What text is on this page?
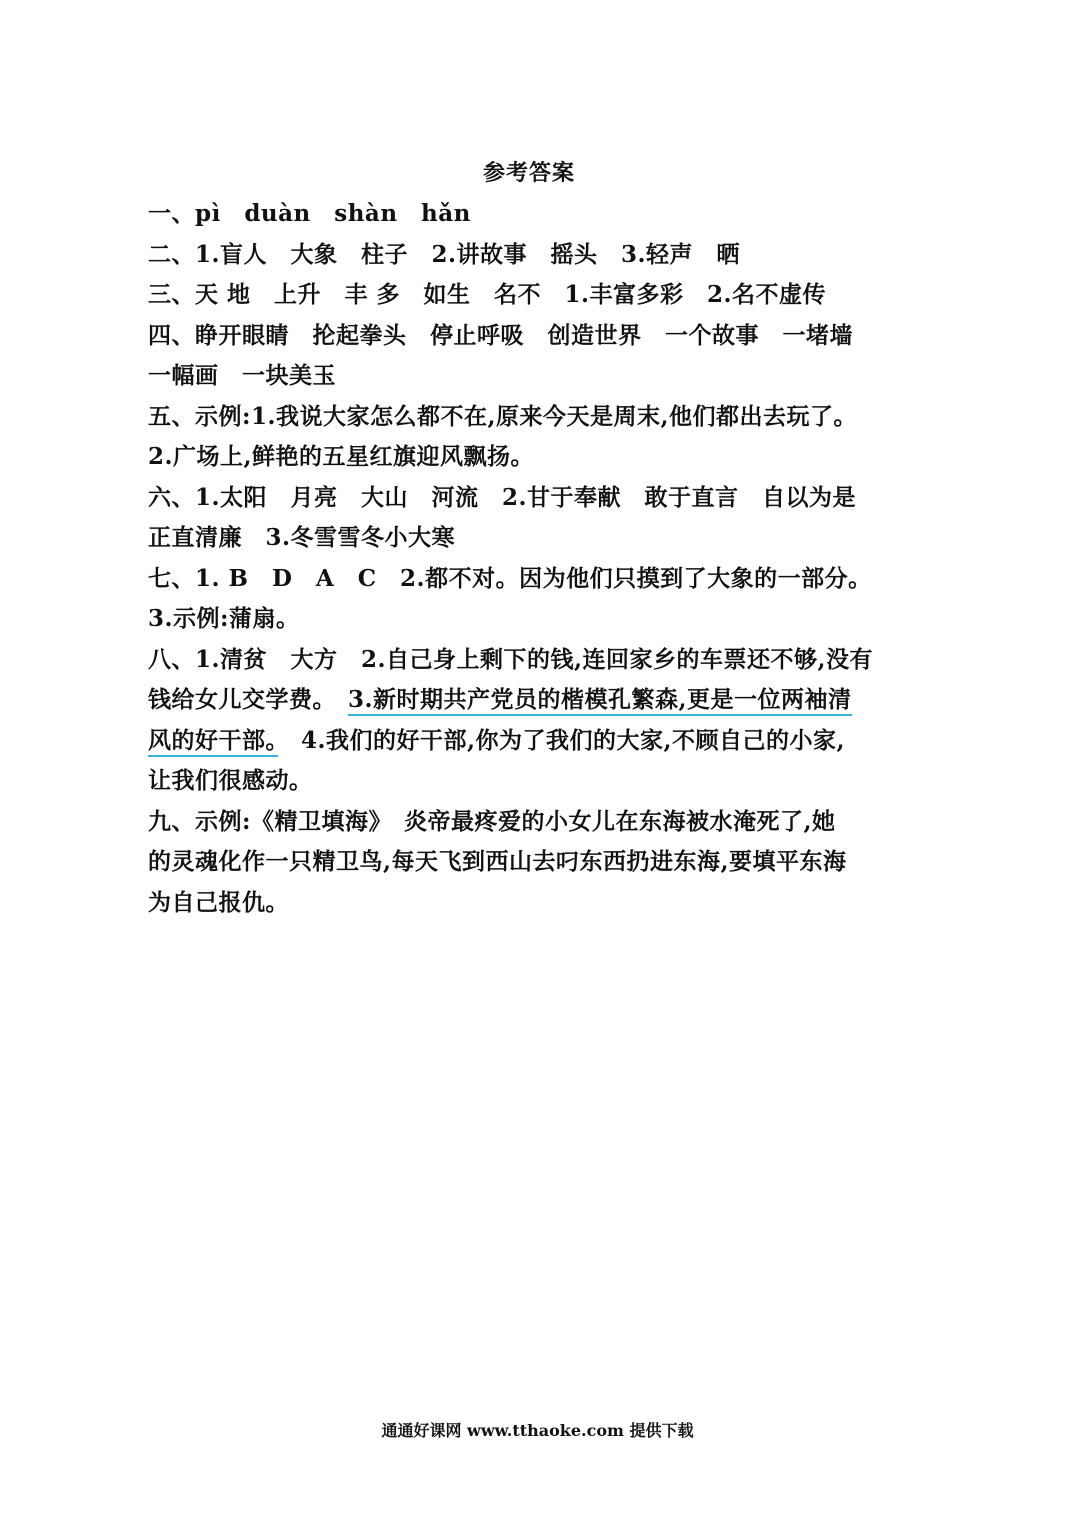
参考答案
一、pì　duàn　shàn　hǎn
二、1.盲人　大象　柱子　2.讲故事　摇头　3.轻声　晒
三、天 地　上升　丰 多　如生　名不　1.丰富多彩　2.名不虚传
四、睁开眼睛　抡起拳头　停止呼吸　创造世界　一个故事　一堵墙
一幅画　一块美玉
五、示例:1.我说大家怎么都不在,原来今天是周末,他们都出去玩了。
2.广场上,鲜艳的五星红旗迎风飘扬。
六、1.太阳　月亮　大山　河流　2.甘于奉献　敢于直言　自以为是
正直清廉　3.冬雪雪冬小大寒
七、1. B　D　A　C　2.都不对。因为他们只摸到了大象的一部分。
3.示例:蒲扇。
八、1.清贫　大方　2.自己身上剩下的钱,连回家乡的车票还不够,没有
钱给女儿交学费。　3.新时期共产党员的楷模孔繁森,更是一位两袖清
风的好干部。　4.我们的好干部,你为了我们的大家,不顾自己的小家,
让我们很感动。
九、示例:《精卫填海》　炎帝最疼爱的小女儿在东海被水淹死了,她
的灵魂化作一只精卫鸟,每天飞到西山去叼东西扔进东海,要填平东海
为自己报仇。
通通好课网 www.tthaoke.com 提供下载
